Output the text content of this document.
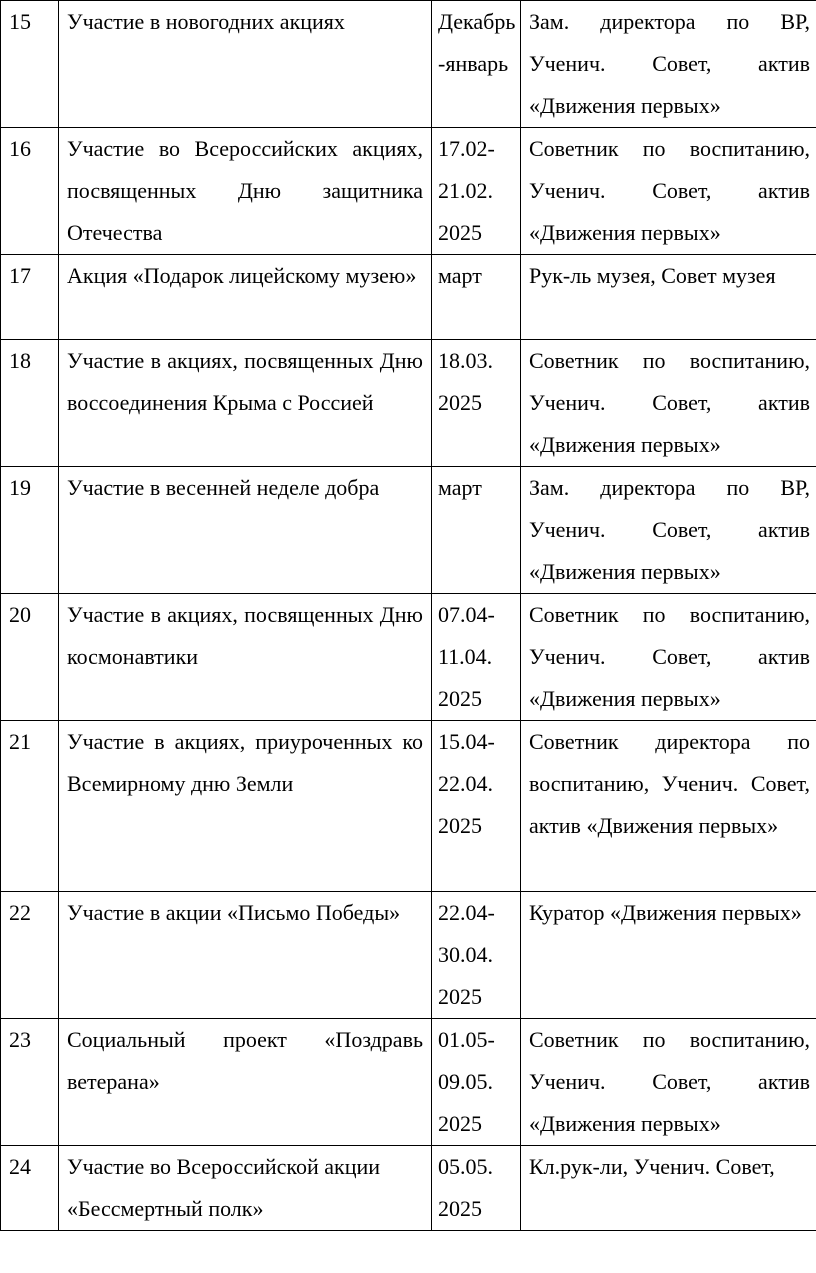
15	Участие в новогодних акциях	Декабрь-январь	Зам. директора по ВР, Ученич. Совет, актив «Движения первых»
16	Участие во Всероссийских акциях, посвященных Дню защитника Отечества	17.02-21.02. 2025	Советник по воспитанию, Ученич. Совет, актив «Движения первых»
17	Акция «Подарок лицейскому музею»	март	Рук-ль музея, Совет музея
18	Участие в акциях, посвященных Дню воссоединения Крыма с Россией	18.03. 2025	Советник по воспитанию, Ученич. Совет, актив «Движения первых»
19	Участие в весенней неделе добра	март	Зам. директора по ВР, Ученич. Совет, актив «Движения первых»
20	Участие в акциях, посвященных Дню космонавтики	07.04-11.04. 2025	Советник по воспитанию, Ученич. Совет, актив «Движения первых»
21	Участие в акциях, приуроченных ко Всемирному дню Земли	15.04-22.04. 2025	Советник директора по воспитанию, Ученич. Совет, актив «Движения первых»
22	Участие в акции «Письмо Победы»	22.04-30.04. 2025	Куратор «Движения первых»
23	Социальный проект «Поздравь ветерана»	01.05-09.05. 2025	Советник по воспитанию, Ученич. Совет, актив «Движения первых»
24	Участие во Всероссийской акции «Бессмертный полк»	05.05. 2025	Кл.рук-ли, Ученич. Совет,
